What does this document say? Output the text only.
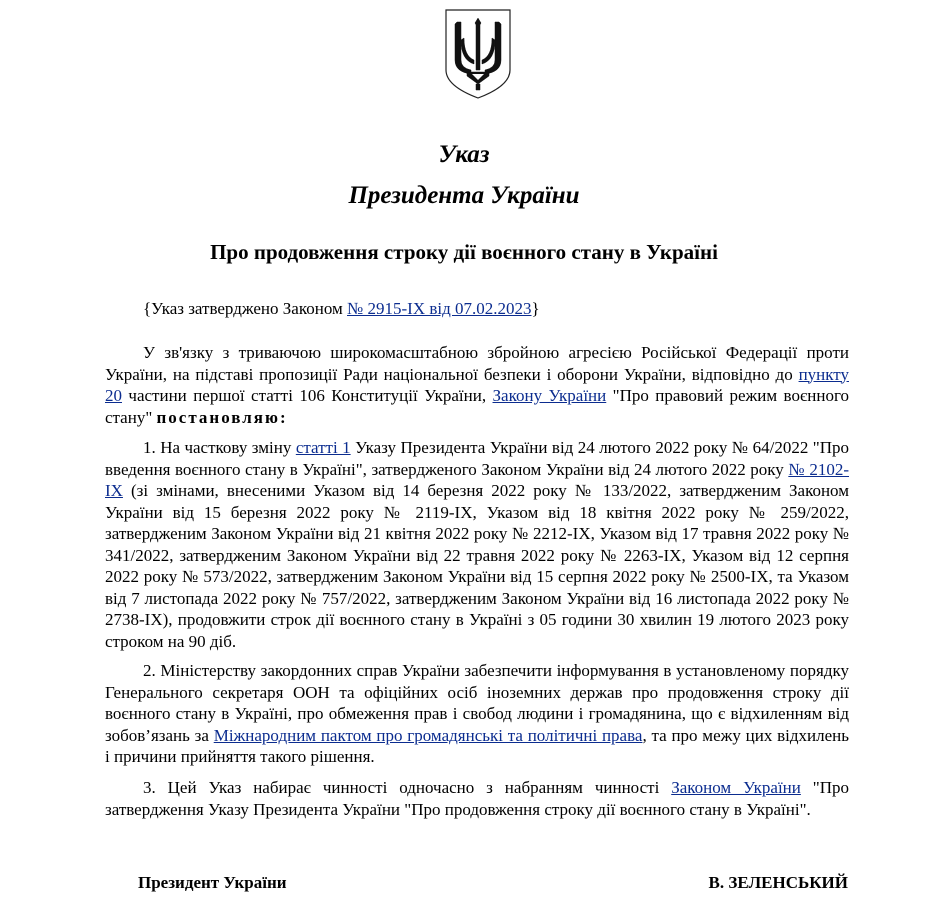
Указ
Президента України
Про продовження строку дії воєнного стану в Україні
{Указ затверджено Законом № 2915-IX від 07.02.2023}
У зв'язку з триваючою широкомасштабною збройною агресією Російської Федерації проти України, на підставі пропозиції Ради національної безпеки і оборони України, відповідно до пункту 20 частини першої статті 106 Конституції України, Закону України "Про правовий режим воєнного стану" постановляю:
1. На часткову зміну статті 1 Указу Президента України від 24 лютого 2022 року № 64/2022 "Про введення воєнного стану в Україні", затвердженого Законом України від 24 лютого 2022 року № 2102-IX (зі змінами, внесеними Указом від 14 березня 2022 року № 133/2022, затвердженим Законом України від 15 березня 2022 року № 2119-IX, Указом від 18 квітня 2022 року № 259/2022, затвердженим Законом України від 21 квітня 2022 року № 2212-IX, Указом від 17 травня 2022 року № 341/2022, затвердженим Законом України від 22 травня 2022 року № 2263-IX, Указом від 12 серпня 2022 року № 573/2022, затвердженим Законом України від 15 серпня 2022 року № 2500-IX, та Указом від 7 листопада 2022 року № 757/2022, затвердженим Законом України від 16 листопада 2022 року № 2738-IX), продовжити строк дії воєнного стану в Україні з 05 години 30 хвилин 19 лютого 2023 року строком на 90 діб.
2. Міністерству закордонних справ України забезпечити інформування в установленому порядку Генерального секретаря ООН та офіційних осіб іноземних держав про продовження строку дії воєнного стану в Україні, про обмеження прав і свобод людини і громадянина, що є відхиленням від зобов’язань за Міжнародним пактом про громадянські та політичні права, та про межу цих відхилень і причини прийняття такого рішення.
3. Цей Указ набирає чинності одночасно з набранням чинності Законом України "Про затвердження Указу Президента України "Про продовження строку дії воєнного стану в Україні".
Президент України	В. ЗЕЛЕНСЬКИЙ
